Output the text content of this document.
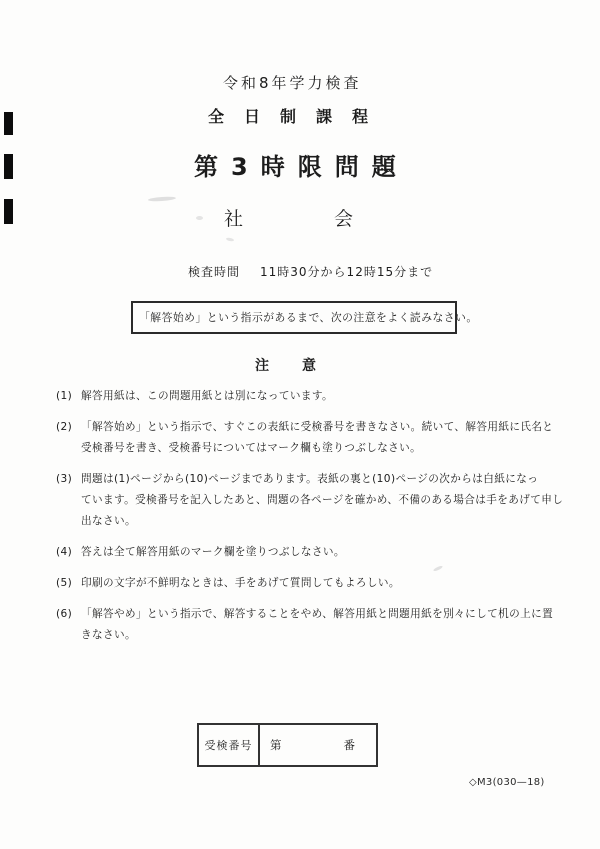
令和8年学力検査
全日制課程
第3時限問題
社会
検査時間 11時30分から12時15分まで
「解答始め」という指示があるまで、次の注意をよく読みなさい。
注意
(1) 解答用紙は、この問題用紙とは別になっています。
(2) 「解答始め」という指示で、すぐこの表紙に受検番号を書きなさい。続いて、解答用紙に氏名と
受検番号を書き、受検番号についてはマーク欄も塗りつぶしなさい。
(3) 問題は(1)ページから(10)ページまであります。表紙の裏と(10)ページの次からは白紙になっ
ています。受検番号を記入したあと、問題の各ページを確かめ、不備のある場合は手をあげて申し
出なさい。
(4) 答えは全て解答用紙のマーク欄を塗りつぶしなさい。
(5) 印刷の文字が不鮮明なときは、手をあげて質問してもよろしい。
(6) 「解答やめ」という指示で、解答することをやめ、解答用紙と問題用紙を別々にして机の上に置
きなさい。
受検番号	第	番
◇M3(030—18)
